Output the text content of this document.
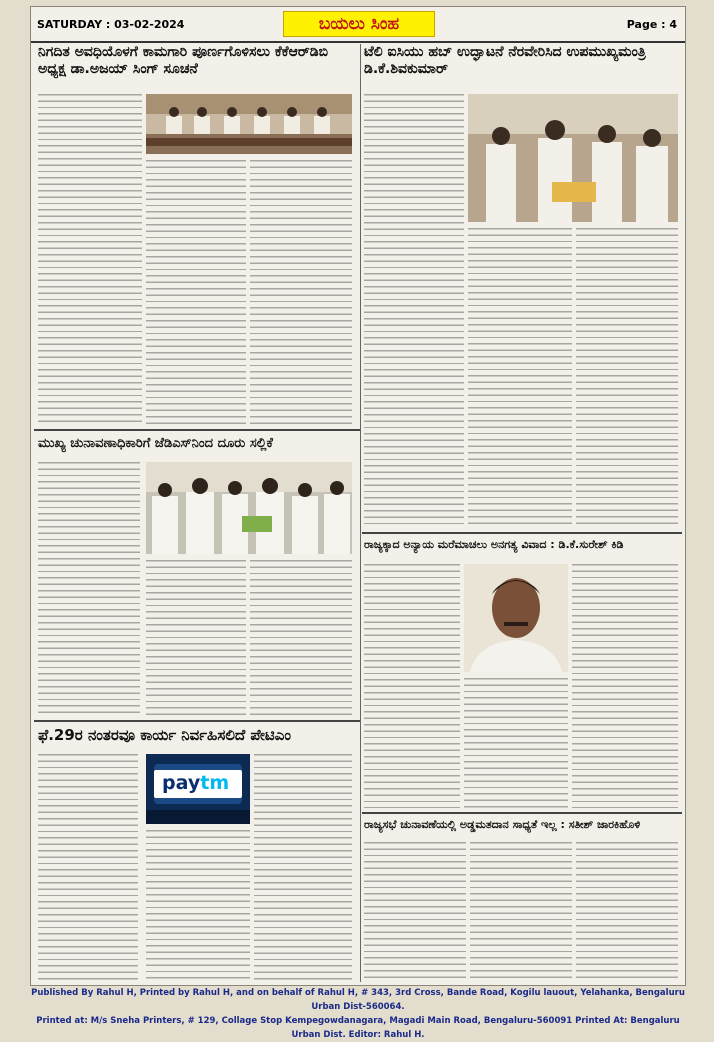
SATURDAY : 03-02-2024	ಬಯಲು ಸಿಂಹ	Page : 4
ನಿಗದಿತ ಅವಧಿಯೊಳಗೆ ಕಾಮಗಾರಿ ಪೂರ್ಣಗೊಳಿಸಲು ಕೆಕೆಆರ್‌ಡಿಬಿ ಅಧ್ಯಕ್ಷ ಡಾ.ಅಜಯ್ ಸಿಂಗ್ ಸೂಚನೆ
ಟೆಲಿ ಐಸಿಯು ಹಬ್ ಉದ್ಘಾಟನೆ ನೆರವೇರಿಸಿದ ಉಪಮುಖ್ಯಮಂತ್ರಿ ಡಿ.ಕೆ.ಶಿವಕುಮಾರ್
ಮುಖ್ಯ ಚುನಾವಣಾಧಿಕಾರಿಗೆ ಜೆಡಿಎಸ್‌ನಿಂದ ದೂರು ಸಲ್ಲಿಕೆ
ರಾಜ್ಯಕ್ಕಾದ ಅನ್ಯಾಯ ಮರೆಮಾಚಲು ಅನಗತ್ಯ ವಿವಾದ : ಡಿ.ಕೆ.ಸುರೇಶ್ ಕಿಡಿ
ಫೆ.29ರ ನಂತರವೂ ಕಾರ್ಯ ನಿರ್ವಹಿಸಲಿದೆ ಪೇಟಿಎಂ
ರಾಜ್ಯಸಭೆ ಚುನಾವಣೆಯಲ್ಲಿ ಅಡ್ಡಮತದಾನ ಸಾಧ್ಯತೆ ಇಲ್ಲ : ಸತೀಶ್ ಜಾರಕಿಹೊಳಿ
paytm
Published By Rahul H, Printed by Rahul H, and on behalf of Rahul H, # 343, 3rd Cross, Bande Road, Kogilu lauout, Yelahanka, Bengaluru Urban Dist-560064.
Printed at: M/s Sneha Printers, # 129, Collage Stop Kempegowdanagara, Magadi Main Road, Bengaluru-560091 Printed At: Bengaluru Urban Dist. Editor: Rahul H.
